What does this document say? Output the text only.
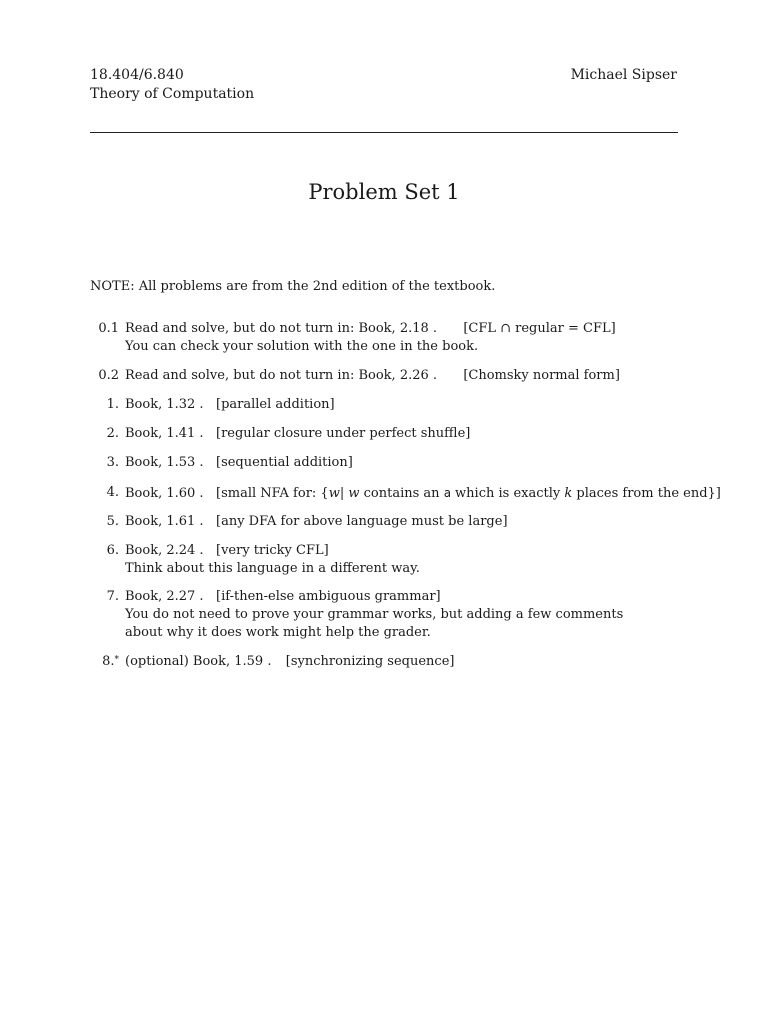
18.404/6.840
Theory of Computation
Michael Sipser
Problem Set 1
NOTE: All problems are from the 2nd edition of the textbook.
0.1 Read and solve, but do not turn in: Book, 2.18 . [CFL ∩ regular = CFL]
You can check your solution with the one in the book.
0.2 Read and solve, but do not turn in: Book, 2.26 . [Chomsky normal form]
1. Book, 1.32 . [parallel addition]
2. Book, 1.41 . [regular closure under perfect shuffle]
3. Book, 1.53 . [sequential addition]
4. Book, 1.60 . [small NFA for: {w| w contains an a which is exactly k places from the end}]
5. Book, 1.61 . [any DFA for above language must be large]
6. Book, 2.24 . [very tricky CFL]
Think about this language in a different way.
7. Book, 2.27 . [if-then-else ambiguous grammar]
You do not need to prove your grammar works, but adding a few comments
about why it does work might help the grader.
8.* (optional) Book, 1.59 . [synchronizing sequence]
